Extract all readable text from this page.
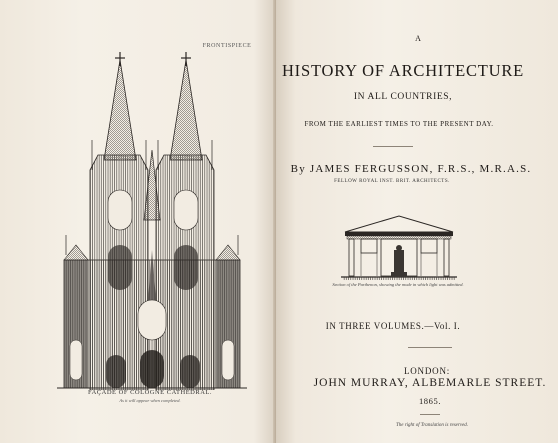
FRONTISPIECE
FAÇADE OF COLOGNE CATHEDRAL.
As it will appear when completed.
A
HISTORY OF ARCHITECTURE
IN ALL COUNTRIES,
FROM THE EARLIEST TIMES TO THE PRESENT DAY.
By JAMES FERGUSSON, F.R.S., M.R.A.S.
FELLOW ROYAL INST. BRIT. ARCHITECTS.
Section of the Parthenon, showing the mode in which light was admitted.
IN THREE VOLUMES.—Vol. I.
LONDON:
JOHN MURRAY, ALBEMARLE STREET.
1865.
The right of Translation is reserved.
